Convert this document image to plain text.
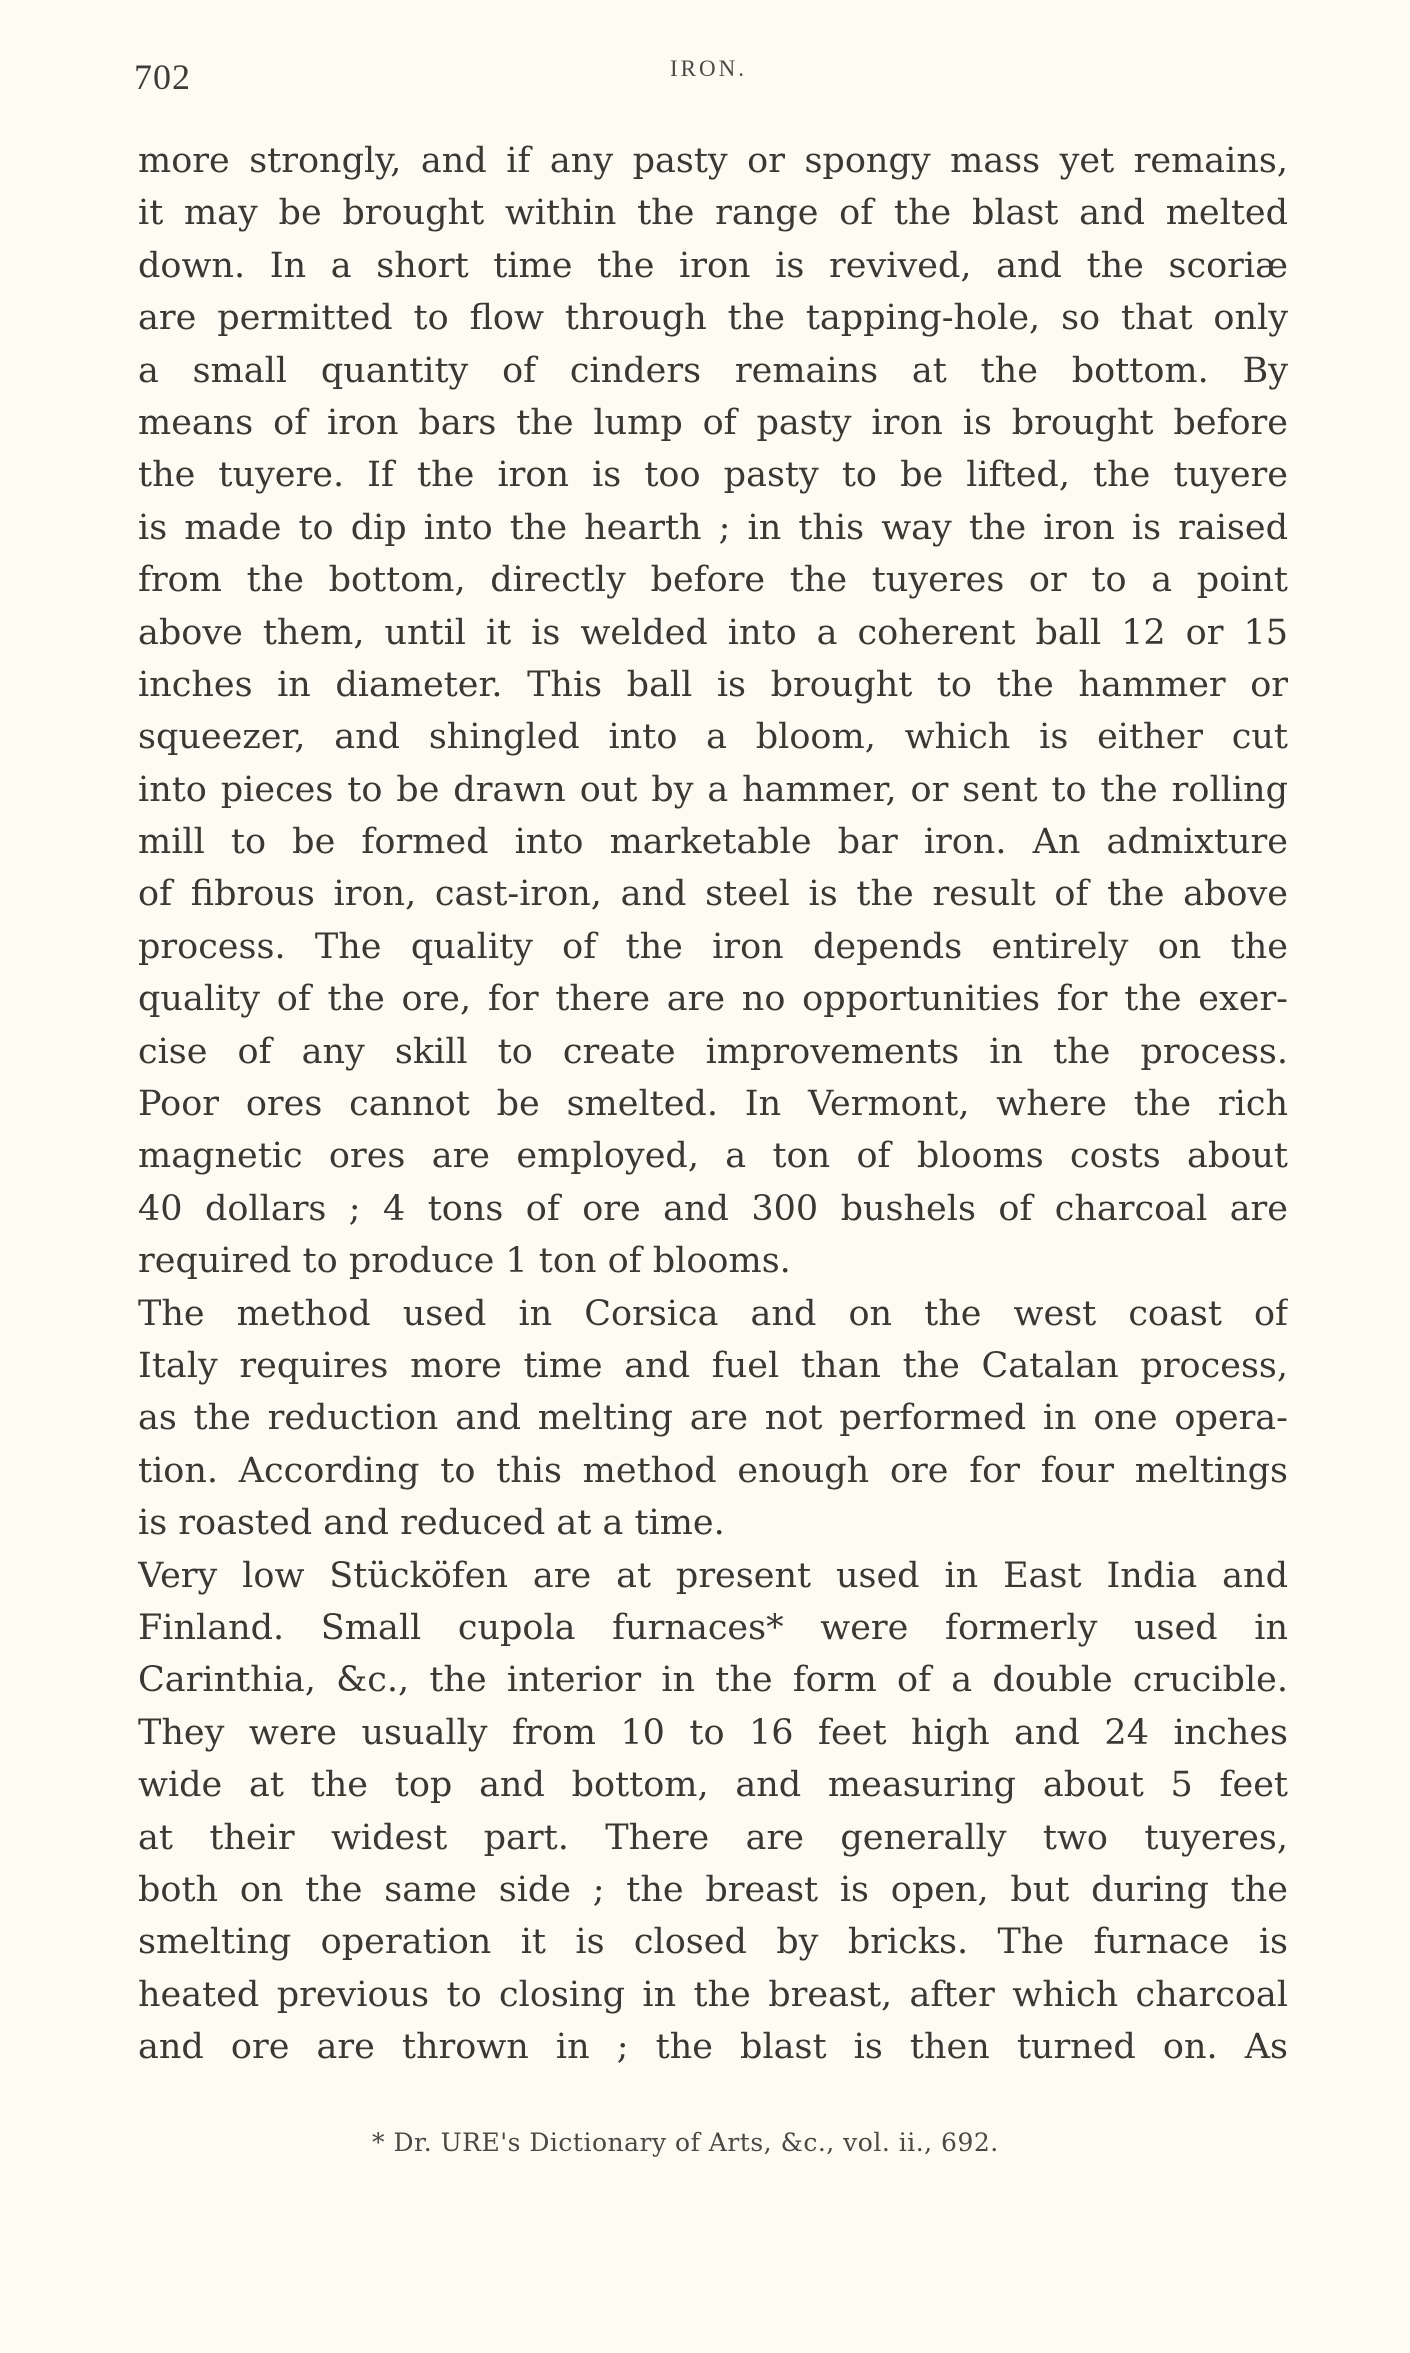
702	IRON.
more strongly, and if any pasty or spongy mass yet remains,
it may be brought within the range of the blast and melted
down. In a short time the iron is revived, and the scoriæ
are permitted to flow through the tapping-hole, so that only
a small quantity of cinders remains at the bottom. By
means of iron bars the lump of pasty iron is brought before
the tuyere. If the iron is too pasty to be lifted, the tuyere
is made to dip into the hearth ; in this way the iron is raised
from the bottom, directly before the tuyeres or to a point
above them, until it is welded into a coherent ball 12 or 15
inches in diameter. This ball is brought to the hammer or
squeezer, and shingled into a bloom, which is either cut
into pieces to be drawn out by a hammer, or sent to the rolling
mill to be formed into marketable bar iron. An admixture
of fibrous iron, cast-iron, and steel is the result of the above
process. The quality of the iron depends entirely on the
quality of the ore, for there are no opportunities for the exer-
cise of any skill to create improvements in the process.
Poor ores cannot be smelted. In Vermont, where the rich
magnetic ores are employed, a ton of blooms costs about
40 dollars ; 4 tons of ore and 300 bushels of charcoal are
required to produce 1 ton of blooms.
The method used in Corsica and on the west coast of
Italy requires more time and fuel than the Catalan process,
as the reduction and melting are not performed in one opera-
tion. According to this method enough ore for four meltings
is roasted and reduced at a time.
Very low Stücköfen are at present used in East India and
Finland. Small cupola furnaces* were formerly used in
Carinthia, &c., the interior in the form of a double crucible.
They were usually from 10 to 16 feet high and 24 inches
wide at the top and bottom, and measuring about 5 feet
at their widest part. There are generally two tuyeres,
both on the same side ; the breast is open, but during the
smelting operation it is closed by bricks. The furnace is
heated previous to closing in the breast, after which charcoal
and ore are thrown in ; the blast is then turned on. As
* Dr. URE's Dictionary of Arts, &c., vol. ii., 692.
